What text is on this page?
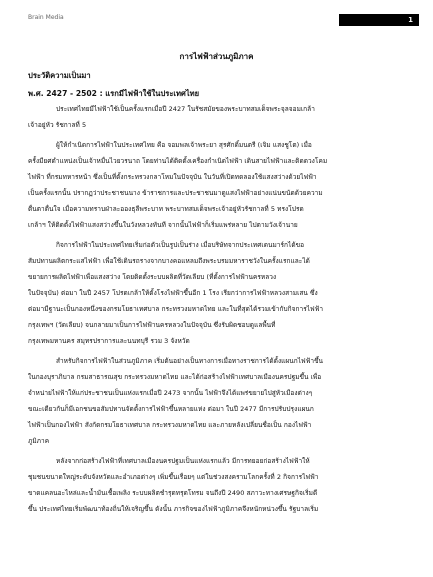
Brain Media	1
การไฟฟ้าส่วนภูมิภาค
ประวัติความเป็นมา
พ.ศ. 2427 - 2502 : แรกมีไฟฟ้าใช้ในประเทศไทย

ประเทศไทยมีไฟฟ้าใช้เป็นครั้งแรกเมื่อปี 2427 ในรัชสมัยของพระบาทสมเด็จพระจุลจอมเกล้า
เจ้าอยู่หัว รัชกาลที่ 5

ผู้ให้กำเนิดการไฟฟ้าในประเทศไทย คือ จอมพลเจ้าพระยา สุรศักดิ์มนตรี (เจิม แสงชูโต) เมื่อ
ครั้งมียศตำแหน่งเป็นเจ้าหมื่นไวยวรนาถ โดยท่านได้ติดตั้งเครื่องกำเนิดไฟฟ้า เดินสายไฟฟ้าและติดดวงโคม
ไฟฟ้า ที่กรมทหารหน้า ซึ่งเป็นที่ตั้งกระทรวงกลาโหมในปัจจุบัน ในวันที่เปิดทดลองใช้แสงสว่างด้วยไฟฟ้า
เป็นครั้งแรกนั้น ปรากฏว่าประชาชนนาง ข้าราชการและประชาชนมาดูแสงไฟฟ้าอย่างแน่นขนัดด้วยความ
ตื่นตาตื่นใจ เมื่อความทราบฝ่าละอองธุลีพระบาท พระบาทสมเด็จพระเจ้าอยู่หัวรัชกาลที่ 5 ทรงโปรด
เกล้าฯ ให้ติดตั้งไฟฟ้าแสงสว่างขึ้นในวังหลวงทันที จากนั้นไฟฟ้าก็เริ่มแพร่หลาย ไปตามวังเจ้านาย

กิจการไฟฟ้าในประเทศไทยเริ่มก่อตัวเป็นรูปเป็นร่าง เมื่อบริษัทจากประเทศเดนมาร์กได้ขอ
สัมปทานผลิตกระแสไฟฟ้า เพื่อใช้เดินรถรางจากบางคอแหลมถึงพระบรมมหาราชวังในครั้งแรกและได้
ขยายการผลิตไฟฟ้าเพื่อแสงสว่าง โดยติดตั้งระบบผลิตที่วัดเลียบ (ที่ตั้งการไฟฟ้านครหลวง
ในปัจจุบัน) ต่อมา ในปี 2457 โปรดเกล้าให้ตั้งโรงไฟฟ้าขึ้นอีก 1 โรง เรียกว่าการไฟฟ้าหลวงสามเสน ซึ่ง
ต่อมามีฐานะเป็นกองหนึ่งของกรมโยธาเทศบาล กระทรวงมหาดไทย และในที่สุดได้รวมเข้ากับกิจการไฟฟ้า
กรุงเทพฯ (วัดเลียบ) จนกลายมาเป็นการไฟฟ้านครหลวงในปัจจุบัน ซึ่งรับผิดชอบดูแลพื้นที่
กรุงเทพมหานคร สมุทรปราการและนนทบุรี รวม 3 จังหวัด

สำหรับกิจการไฟฟ้าในส่วนภูมิภาค เริ่มต้นอย่างเป็นทางการเมื่อทางราชการได้ตั้งแผนกไฟฟ้าขึ้น
ในกองบุราภิบาล กรมสาธารณสุข กระทรวงมหาดไทย และได้ก่อสร้างไฟฟ้าเทศบาลเมืองนครปฐมขึ้น เพื่อ
จำหน่ายไฟฟ้าให้แก่ประชาชนเป็นแห่งแรกเมื่อปี 2473 จากนั้น ไฟฟ้าจึงได้แพร่ขยายไปสู่หัวเมืองต่างๆ
ขณะเดียวกันก็มีเอกชนขอสัมปทานจัดตั้งการไฟฟ้าขึ้นหลายแห่ง ต่อมา ในปี 2477 มีการปรับปรุงแผนก
ไฟฟ้าเป็นกองไฟฟ้า สังกัดกรมโยธาเทศบาล กระทรวงมหาดไทย และภายหลังเปลี่ยนชื่อเป็น กองไฟฟ้า
ภูมิภาค

หลังจากก่อสร้างไฟฟ้าที่เทศบาลเมืองนครปฐมเป็นแห่งแรกแล้ว มีการทยอยก่อสร้างไฟฟ้าให้
ชุมชนขนาดใหญ่ระดับจังหวัดและอำเภอต่างๆ เพิ่มขึ้นเรื่อยๆ แต่ในช่วงสงครามโลกครั้งที่ 2 กิจการไฟฟ้า
ขาดแคลนอะไหล่และน้ำมันเชื้อเพลิง ระบบผลิตชำรุดทรุดโทรม จนถึงปี 2490 สภาวะทางเศรษฐกิจเริ่มดี
ขึ้น ประเทศไทยเริ่มพัฒนาท้องถิ่นให้เจริญขึ้น ดังนั้น ภารกิจของไฟฟ้าภูมิภาคจึงหนักหน่วงขึ้น รัฐบาลเริ่ม
